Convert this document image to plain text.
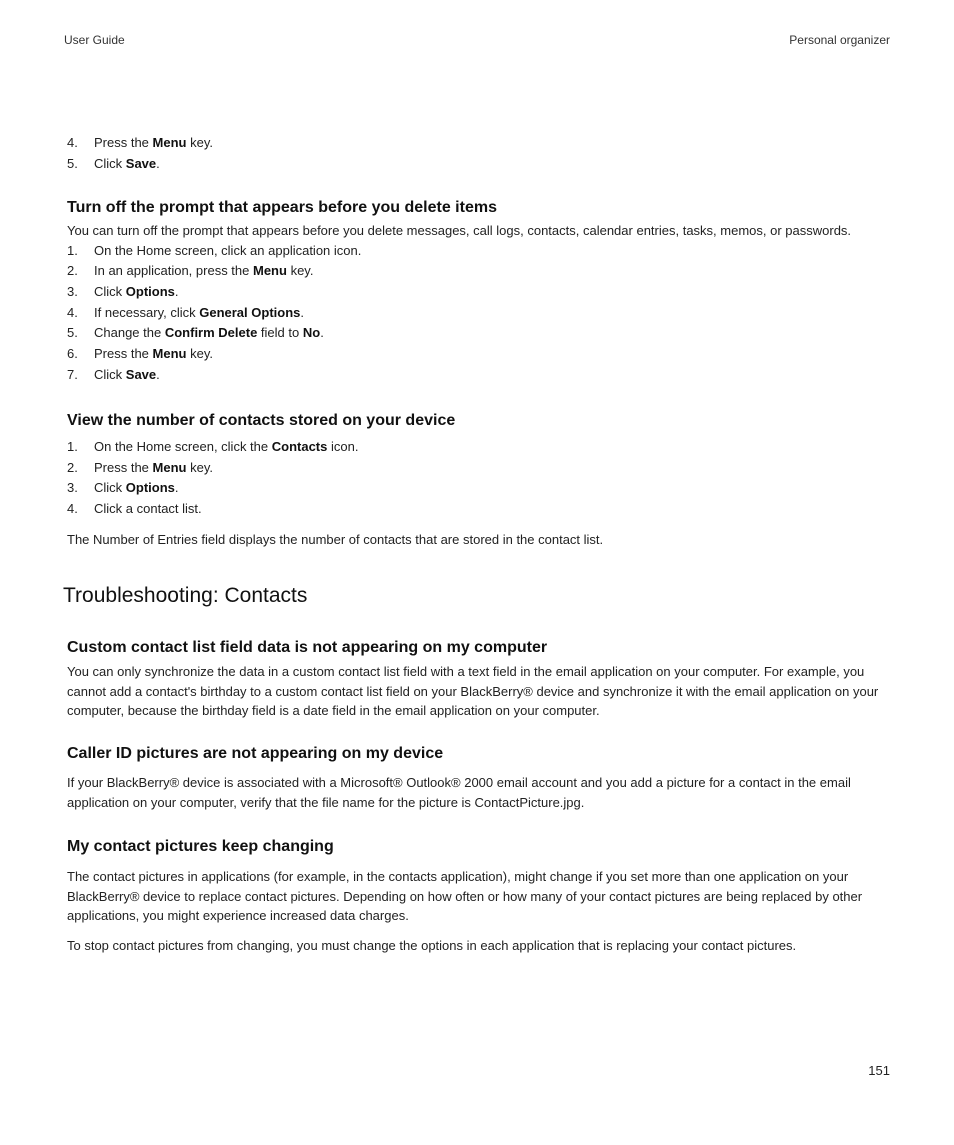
User Guide	Personal organizer
4. Press the Menu key.
5. Click Save.
Turn off the prompt that appears before you delete items

You can turn off the prompt that appears before you delete messages, call logs, contacts, calendar entries, tasks, memos, or passwords.

1. On the Home screen, click an application icon.
2. In an application, press the Menu key.
3. Click Options.
4. If necessary, click General Options.
5. Change the Confirm Delete field to No.
6. Press the Menu key.
7. Click Save.
View the number of contacts stored on your device
1. On the Home screen, click the Contacts icon.
2. Press the Menu key.
3. Click Options.
4. Click a contact list.

The Number of Entries field displays the number of contacts that are stored in the contact list.

Troubleshooting: Contacts
Custom contact list field data is not appearing on my computer

You can only synchronize the data in a custom contact list field with a text field in the email application on your computer. For example, you cannot add a contact's birthday to a custom contact list field on your BlackBerry® device and synchronize it with the email application on your computer, because the birthday field is a date field in the email application on your computer.

Caller ID pictures are not appearing on my device

If your BlackBerry® device is associated with a Microsoft® Outlook® 2000 email account and you add a picture for a contact in the email application on your computer, verify that the file name for the picture is ContactPicture.jpg.

My contact pictures keep changing

The contact pictures in applications (for example, in the contacts application), might change if you set more than one application on your BlackBerry® device to replace contact pictures. Depending on how often or how many of your contact pictures are being replaced by other applications, you might experience increased data charges.

To stop contact pictures from changing, you must change the options in each application that is replacing your contact pictures.

151
